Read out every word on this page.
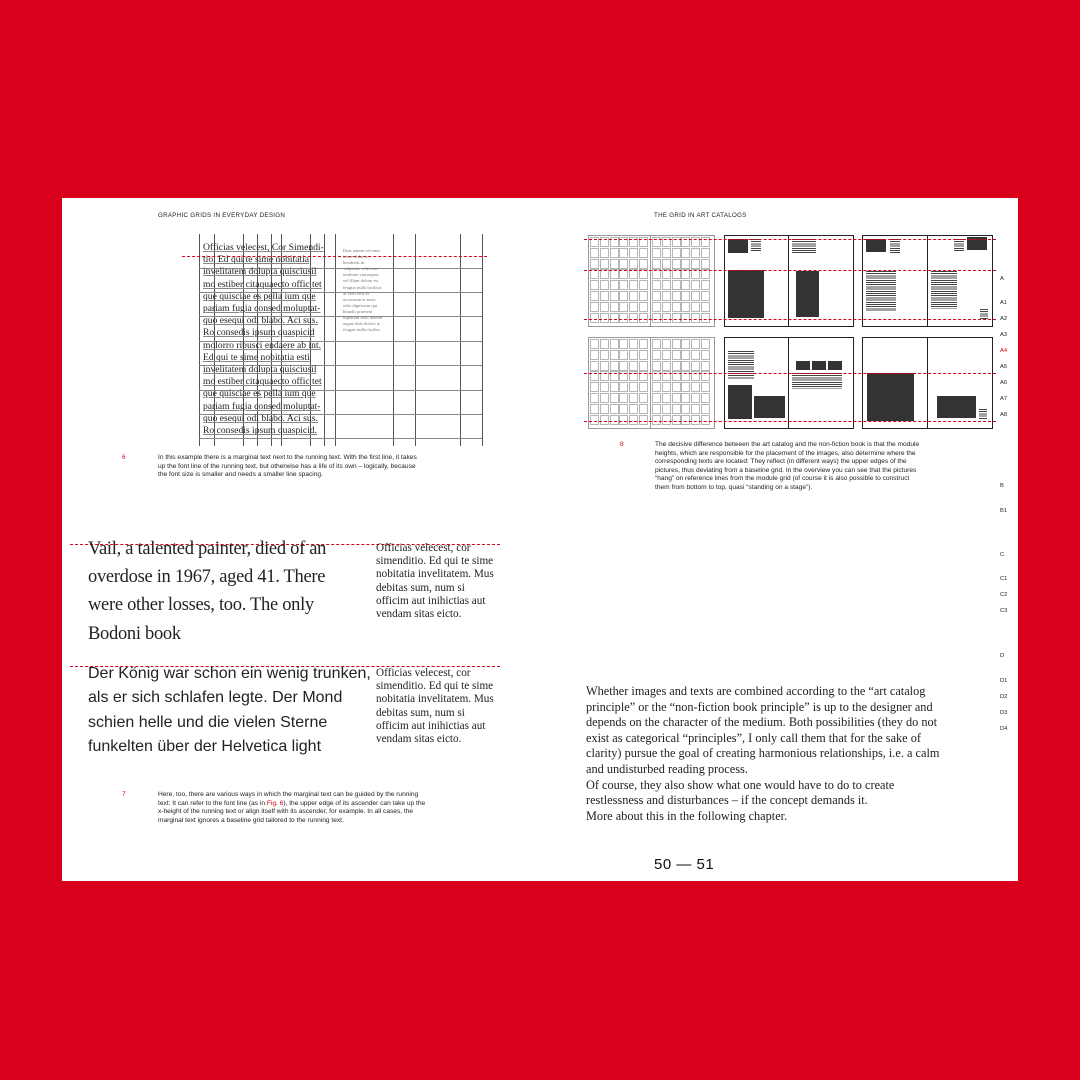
GRAPHIC GRIDS IN EVERYDAY DESIGN
Officias velecest, Cor Simendi-
tio. Ed qui te sime nobitatia
invelitatem dolupta quisciusil
mo estiber citaquaecto offic tet
que quisciae es pella ium que
pariam fugia consed moluptat-
quo esequi odi blabo. Aci sus.
Ro consedis ipsum quaspicid
molorro ribusci endaere ab int.
Ed qui te sime nobitatia esti
invelitatem dolupta quisciusil
mo estiber citaquaecto offic tet
que quisciae es pella ium que
pariam fugia consed moluptat-
quo esequi odi blabo. Aci sus.
Ro consedis ipsum quaspicid.
Duis autem vel eum
iriure dolor in
hendrerit in
vulputate velit esse
molestie consequat,
vel illum dolore eu
feugiat nulla facilisis
at vero eros et
accumsan et iusto
odio dignissim qui
blandit praesent
luptatum zzril delenit
augue duis dolore te
feugait nulla facilisi.
6	In this example there is a marginal text next to the running text. With the first line, it takes up the font line of the running text, but otherwise has a life of its own – logically, because the font size is smaller and needs a smaller line spacing.
Vail, a talented painter, died of an overdose in 1967, aged 41. There were other losses, too. The only Bodoni book
Officias velecest, cor simenditio. Ed qui te sime nobitatia invelitatem. Mus debitas sum, num si officim aut inihictias aut vendam sitas eicto.
Der König war schon ein wenig trunken, als er sich schlafen legte. Der Mond schien helle und die vielen Sterne funkelten über der Helvetica light
Officias velecest, cor simenditio. Ed qui te sime nobitatia invelitatem. Mus debitas sum, num si officim aut inihictias aut vendam sitas eicto.
7	Here, too, there are various ways in which the marginal text can be guided by the running text: It can refer to the font line (as in Fig. 6), the upper edge of its ascender can take up the x-height of the running text or align itself with its ascender, for example. In all cases, the marginal text ignores a baseline grid tailored to the running text.
THE GRID IN ART CATALOGS
A
A1
A2
A3
A4
A5
A6
A7
A8
B
B1
C
C1
C2
C3
D
D1
D2
D3
D4
8	The decisive difference between the art catalog and the non-fiction book is that the module heights, which are responsible for the placement of the images, also determine where the corresponding texts are located: They reflect (in different ways) the upper edges of the pictures, thus deviating from a baseline grid. In the overview you can see that the pictures “hang” on reference lines from the module grid (of course it is also possible to construct them from bottom to top, quasi “standing on a stage”).
Whether images and texts are combined according to the “art catalog principle” or the “non-fiction book principle” is up to the designer and depends on the character of the medium. Both possibilities (they do not exist as categorical “principles”, I only call them that for the sake of clarity) pursue the goal of creating harmonious relationships, i.e. a calm and undisturbed reading process.
Of course, they also show what one would have to do to create restlessness and disturbances – if the concept demands it.
More about this in the following chapter.
50 — 51
